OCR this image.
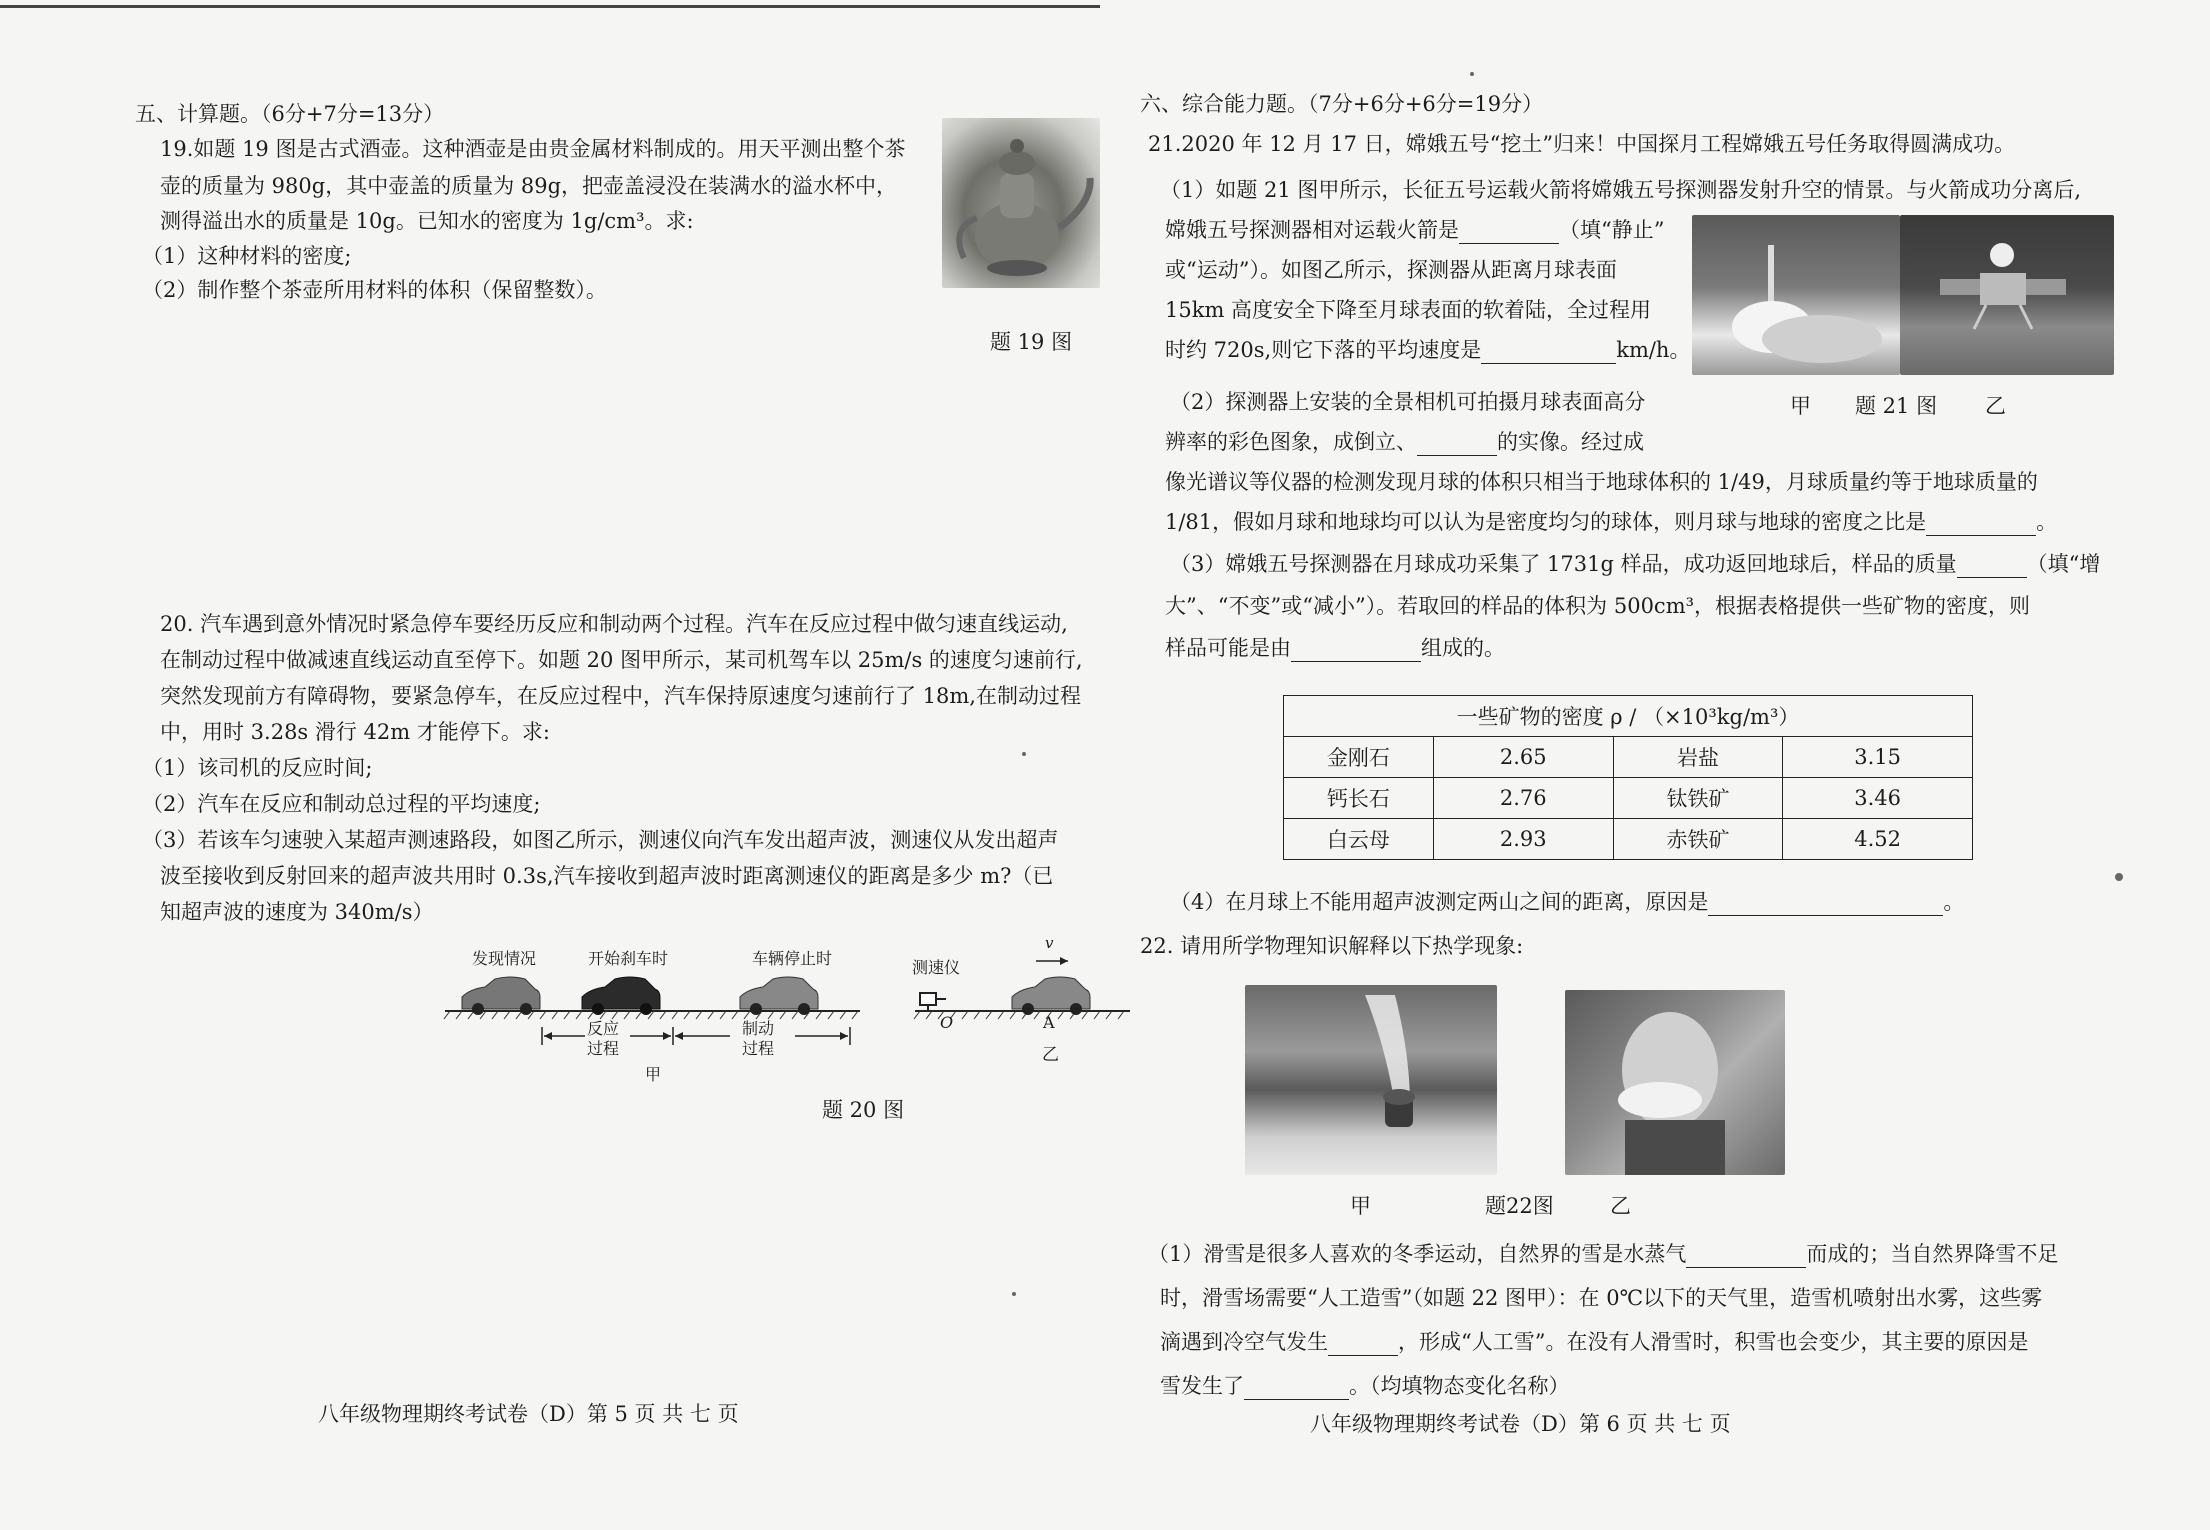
五、计算题。（6分+7分=13分）
19.如题 19 图是古式酒壶。这种酒壶是由贵金属材料制成的。用天平测出整个茶
壶的质量为 980g，其中壶盖的质量为 89g，把壶盖浸没在装满水的溢水杯中，
测得溢出水的质量是 10g。已知水的密度为 1g/cm³。求:
（1）这种材料的密度;
（2）制作整个茶壶所用材料的体积（保留整数）。
题 19 图
20. 汽车遇到意外情况时紧急停车要经历反应和制动两个过程。汽车在反应过程中做匀速直线运动,
在制动过程中做减速直线运动直至停下。如题 20 图甲所示，某司机驾车以 25m/s 的速度匀速前行,
突然发现前方有障碍物，要紧急停车，在反应过程中，汽车保持原速度匀速前行了 18m,在制动过程
中，用时 3.28s 滑行 42m 才能停下。求:
（1）该司机的反应时间;
（2）汽车在反应和制动总过程的平均速度;
（3）若该车匀速驶入某超声测速路段，如图乙所示，测速仪向汽车发出超声波，测速仪从发出超声
波至接收到反射回来的超声波共用时 0.3s,汽车接收到超声波时距离测速仪的距离是多少 m?（已
知超声波的速度为 340m/s）
发现情况	开始刹车时	车辆停止时
反应
过程
制动
过程
甲
测速仪
v
O	A
乙
题 20 图
八年级物理期终考试卷（D）第 5 页 共 七 页
六、综合能力题。（7分+6分+6分=19分）
21.2020 年 12 月 17 日，嫦娥五号“挖土”归来！中国探月工程嫦娥五号任务取得圆满成功。
（1）如题 21 图甲所示，长征五号运载火箭将嫦娥五号探测器发射升空的情景。与火箭成功分离后,
嫦娥五号探测器相对运载火箭是	（填“静止”
或“运动”）。如图乙所示，探测器从距离月球表面
15km 高度安全下降至月球表面的软着陆，全过程用
时约 720s,则它下落的平均速度是	km/h。
甲 题 21 图 乙
（2）探测器上安装的全景相机可拍摄月球表面高分
辨率的彩色图象，成倒立、	的实像。经过成
像光谱议等仪器的检测发现月球的体积只相当于地球体积的 1/49，月球质量约等于地球质量的
1/81，假如月球和地球均可以认为是密度均匀的球体，则月球与地球的密度之比是	。
（3）嫦娥五号探测器在月球成功采集了 1731g 样品，成功返回地球后，样品的质量	（填“增
大”、“不变”或“减小”）。若取回的样品的体积为 500cm³，根据表格提供一些矿物的密度，则
样品可能是由	组成的。
一些矿物的密度 ρ / （×10³kg/m³）			
金刚石	2.65	岩盐	3.15
钙长石	2.76	钛铁矿	3.46
白云母	2.93	赤铁矿	4.52
（4）在月球上不能用超声波测定两山之间的距离，原因是	。
22. 请用所学物理知识解释以下热学现象:
甲	题22图	乙
（1）滑雪是很多人喜欢的冬季运动，自然界的雪是水蒸气	而成的；当自然界降雪不足
时，滑雪场需要“人工造雪”（如题 22 图甲）：在 0℃以下的天气里，造雪机喷射出水雾，这些雾
滴遇到冷空气发生	，形成“人工雪”。在没有人滑雪时，积雪也会变少，其主要的原因是
雪发生了	。（均填物态变化名称）
八年级物理期终考试卷（D）第 6 页 共 七 页
